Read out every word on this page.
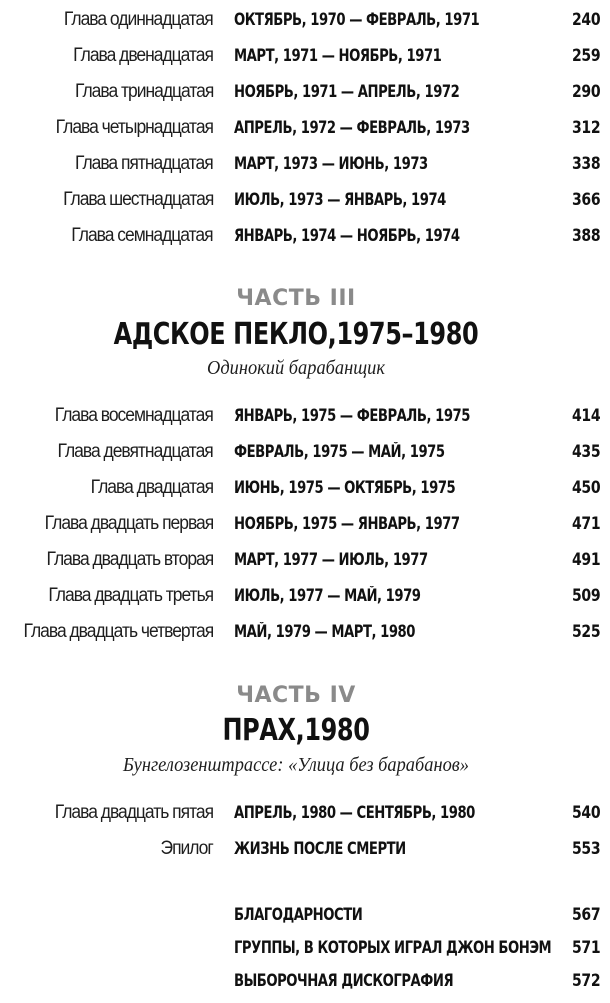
Глава одиннадцатая ОКТЯБРЬ, 1970 — ФЕВРАЛЬ, 1971	240
Глава двенадцатая МАРТ, 1971 — НОЯБРЬ, 1971	259
Глава тринадцатая НОЯБРЬ, 1971 — АПРЕЛЬ, 1972	290
Глава четырнадцатая АПРЕЛЬ, 1972 — ФЕВРАЛЬ, 1973	312
Глава пятнадцатая МАРТ, 1973 — ИЮНЬ, 1973	338
Глава шестнадцатая ИЮЛЬ, 1973 — ЯНВАРЬ, 1974	366
Глава семнадцатая ЯНВАРЬ, 1974 — НОЯБРЬ, 1974	388
ЧАСТЬ III
АДСКОЕ ПЕКЛО,1975–1980
Одинокий барабанщик
Глава восемнадцатая ЯНВАРЬ, 1975 — ФЕВРАЛЬ, 1975	414
Глава девятнадцатая ФЕВРАЛЬ, 1975 — МАЙ, 1975	435
Глава двадцатая ИЮНЬ, 1975 — ОКТЯБРЬ, 1975	450
Глава двадцать первая НОЯБРЬ, 1975 — ЯНВАРЬ, 1977	471
Глава двадцать вторая МАРТ, 1977 — ИЮЛЬ, 1977	491
Глава двадцать третья ИЮЛЬ, 1977 — МАЙ, 1979	509
Глава двадцать четвертая МАЙ, 1979 — МАРТ, 1980	525
ЧАСТЬ IV
ПРАХ,1980
Бунгелозенштрассе: «Улица без барабанов»
Глава двадцать пятая АПРЕЛЬ, 1980 — СЕНТЯБРЬ, 1980	540
Эпилог ЖИЗНЬ ПОСЛЕ СМЕРТИ	553
БЛАГОДАРНОСТИ	567
ГРУППЫ, В КОТОРЫХ ИГРАЛ ДЖОН БОНЭМ 571
ВЫБОРОЧНАЯ ДИСКОГРАФИЯ	572
